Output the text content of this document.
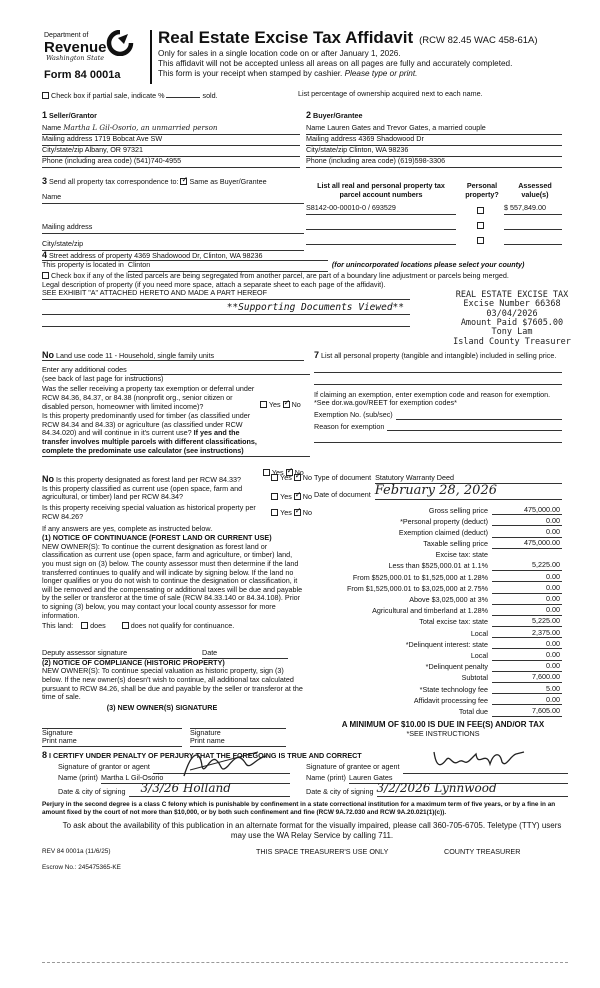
Department of
Revenue
Washington State
Form 84 0001a
Real Estate Excise Tax Affidavit (RCW 82.45 WAC 458-61A)
Only for sales in a single location code on or after January 1, 2026.
This affidavit will not be accepted unless all areas on all pages are fully and accurately completed.
This form is your receipt when stamped by cashier. Please type or print.
Check box if partial sale, indicate %	sold.	List percentage of ownership acquired next to each name.
1 Seller/Grantor
Name Martha L Gil-Osorio, an unmarried person
Mailing address 1719 Bobcat Ave SW
City/state/zip Albany, OR 97321
Phone (including area code) (541)740-4955
2 Buyer/Grantee
Name Lauren Gates and Trevor Gates, a married couple
Mailing address 4369 Shadowood Dr
City/state/zip Clinton, WA 98236
Phone (including area code) (619)598-3306
3 Send all property tax correspondence to: ✓ Same as Buyer/Grantee
Name
Mailing address
City/state/zip
List all real and personal property tax parcel account numbers
Personal property?
Assessed value(s)
S8142-00-00010-0 / 693529	$ 557,849.00
4 Street address of property 4369 Shadowood Dr, Clinton, WA 98236
This property is located in Clinton	(for unincorporated locations please select your county)
Check box if any of the listed parcels are being segregated from another parcel, are part of a boundary line adjustment or parcels being merged.
Legal description of property (if you need more space, attach a separate sheet to each page of the affidavit).
SEE EXHIBIT "A" ATTACHED HERETO AND MADE A PART HEREOF
**Supporting Documents Viewed**
REAL ESTATE EXCISE TAX
Excise Number 66368
03/04/2026
Amount Paid $7605.00
Tony Lam
Island County Treasurer
No Land use code 11 - Household, single family units
Enter any additional codes
(see back of last page for instructions)
Was the seller receiving a property tax exemption or deferral under RCW 84.36, 84.37, or 84.38 (nonprofit org., senior citizen or disabled person, homeowner with limited income)?	Yes ✓ No
Is this property predominantly used for timber (as classified under RCW 84.34 and 84.33) or agriculture (as classified under RCW 84.34.020) and will continue in it's current use? If yes and the transfer involves multiple parcels with different classifications, complete the predominate use calculator (see instructions)
Yes ✓ No
7 List all personal property (tangible and intangible) included in selling price.
If claiming an exemption, enter exemption code and reason for exemption.
*See dor.wa.gov/REET for exemption codes*
Exemption No. (sub/sec)
Reason for exemption
No Is this property designated as forest land per RCW 84.33?	Yes ✓ No
Is this property classified as current use (open space, farm and agricultural, or timber) land per RCW 84.34?	Yes ✓ No
Is this property receiving special valuation as historical property per RCW 84.26?	Yes ✓ No
If any answers are yes, complete as instructed below.
(1) NOTICE OF CONTINUANCE (FOREST LAND OR CURRENT USE)
NEW OWNER(S): To continue the current designation as forest land or classification as current use (open space, farm and agriculture, or timber) land, you must sign on (3) below. The county assessor must then determine if the land transferred continues to qualify and will indicate by signing below. If the land no longer qualifies or you do not wish to continue the designation or classification, it will be removed and the compensating or additional taxes will be due and payable by the seller or transferor at the time of sale (RCW 84.33.140 or 84.34.108). Prior to signing (3) below, you may contact your local county assessor for more information.
This land: does	does not qualify for continuance.
Deputy assessor signature	Date
(2) NOTICE OF COMPLIANCE (HISTORIC PROPERTY)
NEW OWNER(S): To continue special valuation as historic property, sign (3) below. If the new owner(s) doesn't wish to continue, all additional tax calculated pursuant to RCW 84.26, shall be due and payable by the seller or transferor at the time of sale.
(3) NEW OWNER(S) SIGNATURE
Signature	Signature
Print name	Print name
Type of document Statutory Warranty Deed
Date of document February 28, 2026
Gross selling price	475,000.00
*Personal property (deduct)	0.00
Exemption claimed (deduct)	0.00
Taxable selling price	475,000.00
Excise tax: state
Less than $525,000.01 at 1.1%	5,225.00
From $525,000.01 to $1,525,000 at 1.28%	0.00
From $1,525,000.01 to $3,025,000 at 2.75%	0.00
Above $3,025,000 at 3%	0.00
Agricultural and timberland at 1.28%	0.00
Total excise tax: state	5,225.00
Local	2,375.00
*Delinquent interest: state	0.00
Local	0.00
*Delinquent penalty	0.00
Subtotal	7,600.00
*State technology fee	5.00
Affidavit processing fee	0.00
Total due	7,605.00
A MINIMUM OF $10.00 IS DUE IN FEE(S) AND/OR TAX
*SEE INSTRUCTIONS
8 I CERTIFY UNDER PENALTY OF PERJURY THAT THE FOREGOING IS TRUE AND CORRECT
Signature of grantor or agent
Name (print) Martha L Gil-Osorio
Date & city of signing	3/3/26 Holland
Signature of grantee or agent
Name (print) Lauren Gates
Date & city of signing 3/2/2026 Lynnwood
Perjury in the second degree is a class C felony which is punishable by confinement in a state correctional institution for a maximum term of five years, or by a fine in an amount fixed by the court of not more than $10,000, or by both such confinement and fine (RCW 9A.72.030 and RCW 9A.20.021(1)(c)).
To ask about the availability of this publication in an alternate format for the visually impaired, please call 360-705-6705. Teletype (TTY) users may use the WA Relay Service by calling 711.
REV 84 0001a (11/6/25)	THIS SPACE TREASURER'S USE ONLY	COUNTY TREASURER
Escrow No.: 245475365-KE
